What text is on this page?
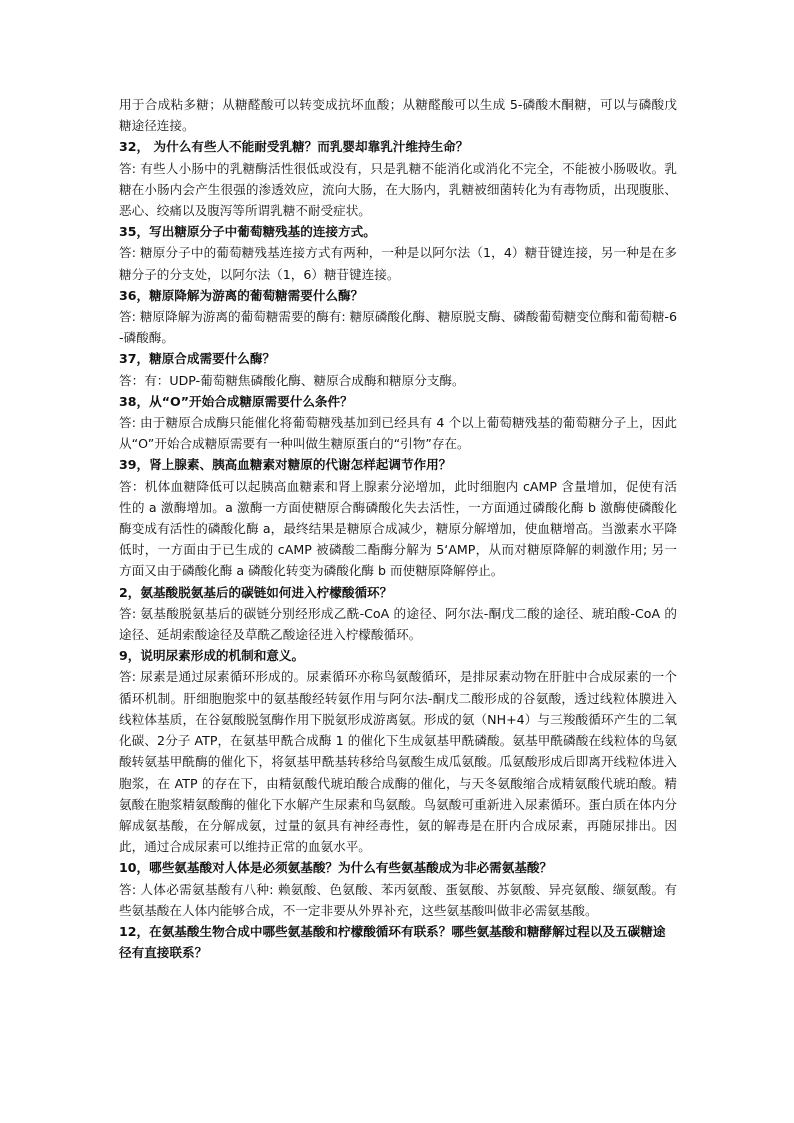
用于合成粘多糖；从糖醛酸可以转变成抗坏血酸；从糖醛酸可以生成 5-磷酸木酮糖，可以与磷酸戊糖途径连接。

32， 为什么有些人不能耐受乳糖？而乳婴却靠乳汁维持生命？

答: 有些人小肠中的乳糖酶活性很低或没有，只是乳糖不能消化或消化不完全，不能被小肠吸收。乳糖在小肠内会产生很强的渗透效应，流向大肠，在大肠内，乳糖被细菌转化为有毒物质，出现腹胀、恶心、绞痛以及腹泻等所谓乳糖不耐受症状。

35，写出糖原分子中葡萄糖残基的连接方式。

答: 糖原分子中的葡萄糖残基连接方式有两种，一种是以阿尔法（1，4）糖苷键连接，另一种是在多糖分子的分支处，以阿尔法（1，6）糖苷键连接。

36，糖原降解为游离的葡萄糖需要什么酶？

答: 糖原降解为游离的葡萄糖需要的酶有: 糖原磷酸化酶、糖原脱支酶、磷酸葡萄糖变位酶和葡萄糖-6-磷酸酶。

37，糖原合成需要什么酶？

答：有：UDP-葡萄糖焦磷酸化酶、糖原合成酶和糖原分支酶。

38，从“O”开始合成糖原需要什么条件？

答: 由于糖原合成酶只能催化将葡萄糖残基加到已经具有 4 个以上葡萄糖残基的葡萄糖分子上，因此从“O”开始合成糖原需要有一种叫做生糖原蛋白的“引物”存在。

39，肾上腺素、胰高血糖素对糖原的代谢怎样起调节作用？

答：机体血糖降低可以起胰高血糖素和肾上腺素分泌增加，此时细胞内 cAMP 含量增加，促使有活性的 a 激酶增加。a 激酶一方面使糖原合酶磷酸化失去活性，一方面通过磷酸化酶 b 激酶使磷酸化酶变成有活性的磷酸化酶 a，最终结果是糖原合成减少，糖原分解增加，使血糖增高。当激素水平降低时，一方面由于已生成的 cAMP 被磷酸二酯酶分解为 5‘AMP，从而对糖原降解的刺激作用; 另一方面又由于磷酸化酶 a 磷酸化转变为磷酸化酶 b 而使糖原降解停止。

2，氨基酸脱氨基后的碳链如何进入柠檬酸循环？

答: 氨基酸脱氨基后的碳链分别经形成乙酰-CoA 的途径、阿尔法-酮戊二酸的途径、琥珀酸-CoA 的途径、延胡索酸途径及草酰乙酸途径进入柠檬酸循环。

9，说明尿素形成的机制和意义。

答: 尿素是通过尿素循环形成的。尿素循环亦称鸟氨酸循环，是排尿素动物在肝脏中合成尿素的一个循环机制。肝细胞胞浆中的氨基酸经转氨作用与阿尔法-酮戊二酸形成的谷氨酸，透过线粒体膜进入线粒体基质，在谷氨酸脱氢酶作用下脱氨形成游离氨。形成的氨（NH+4）与三羧酸循环产生的二氧化碳、2分子 ATP，在氨基甲酰合成酶 1 的催化下生成氨基甲酰磷酸。氨基甲酰磷酸在线粒体的鸟氨酸转氨基甲酰酶的催化下，将氨基甲酰基转移给鸟氨酸生成瓜氨酸。瓜氨酸形成后即离开线粒体进入胞浆，在 ATP 的存在下，由精氨酸代琥珀酸合成酶的催化，与天冬氨酸缩合成精氨酸代琥珀酸。精氨酸在胞浆精氨酸酶的催化下水解产生尿素和鸟氨酸。鸟氨酸可重新进入尿素循环。蛋白质在体内分解成氨基酸，在分解成氨，过量的氨具有神经毒性，氨的解毒是在肝内合成尿素，再随尿排出。因此，通过合成尿素可以维持正常的血氨水平。

10，哪些氨基酸对人体是必须氨基酸？为什么有些氨基酸成为非必需氨基酸？

答: 人体必需氨基酸有八种: 赖氨酸、色氨酸、苯丙氨酸、蛋氨酸、苏氨酸、异亮氨酸、缬氨酸。有些氨基酸在人体内能够合成，不一定非要从外界补充，这些氨基酸叫做非必需氨基酸。

12，在氨基酸生物合成中哪些氨基酸和柠檬酸循环有联系？哪些氨基酸和糖酵解过程以及五碳糖途径有直接联系？
